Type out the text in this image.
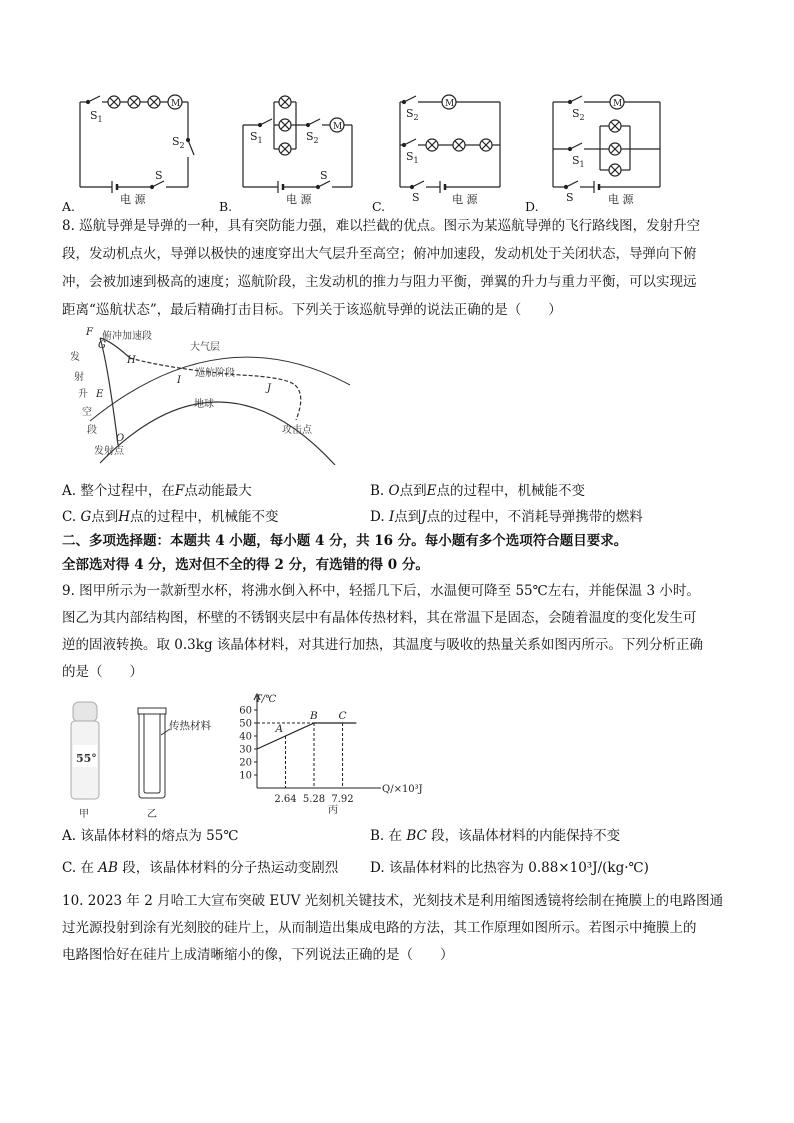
$S_1$
$S_2$
M
S
电 源
$S_1$	$S_2$
M
S
电 源
$S_2$
M
$S_1$
S	电 源
$S_2$
M
$S_1$
S	电 源
A.	B.	C.	D.
8. 巡航导弹是导弹的一种，具有突防能力强，难以拦截的优点。图示为某巡航导弹的飞行路线图，发射升空
段，发动机点火，导弹以极快的速度穿出大气层升至高空；俯冲加速段，发动机处于关闭状态，导弹向下俯
冲，会被加速到极高的速度；巡航阶段，主发动机的推力与阻力平衡，弹翼的升力与重力平衡，可以实现远
距离“巡航状态”，最后精确打击目标。下列关于该巡航导弹的说法正确的是（　　）
F
G
H
I
J
E
O
俯冲加速段
大气层
巡航阶段
地球
攻击点
发
射
升
空
段
发射点
A. 整个过程中，在F点动能最大	B. O点到E点的过程中，机械能不变
C. G点到H点的过程中，机械能不变	D. I点到J点的过程中，不消耗导弹携带的燃料
二、多项选择题：本题共 4 小题，每小题 4 分，共 16 分。每小题有多个选项符合题目要求。
全部选对得 4 分，选对但不全的得 2 分，有选错的得 0 分。
9. 图甲所示为一款新型水杯，将沸水倒入杯中，轻摇几下后，水温便可降至 55℃左右，并能保温 3 小时。
图乙为其内部结构图，杯壁的不锈钢夹层中有晶体传热材料，其在常温下是固态，会随着温度的变化发生可
逆的固液转换。取 0.3kg 该晶体材料，对其进行加热，其温度与吸收的热量关系如图丙所示。下列分析正确
的是（　　）
55°
传热材料
甲	乙
T/℃
Q/×10³J
丙
10
20
30
40
50
60
2.64 5.28 7.92
A
B C
A. 该晶体材料的熔点为 55℃	B. 在 BC 段，该晶体材料的内能保持不变
C. 在 AB 段，该晶体材料的分子热运动变剧烈 D. 该晶体材料的比热容为 0.88×10³J/(kg·℃)
10. 2023 年 2 月哈工大宣布突破 EUV 光刻机关键技术，光刻技术是利用缩图透镜将绘制在掩膜上的电路图通
过光源投射到涂有光刻胶的硅片上，从而制造出集成电路的方法，其工作原理如图所示。若图示中掩膜上的
电路图恰好在硅片上成清晰缩小的像，下列说法正确的是（　　）
